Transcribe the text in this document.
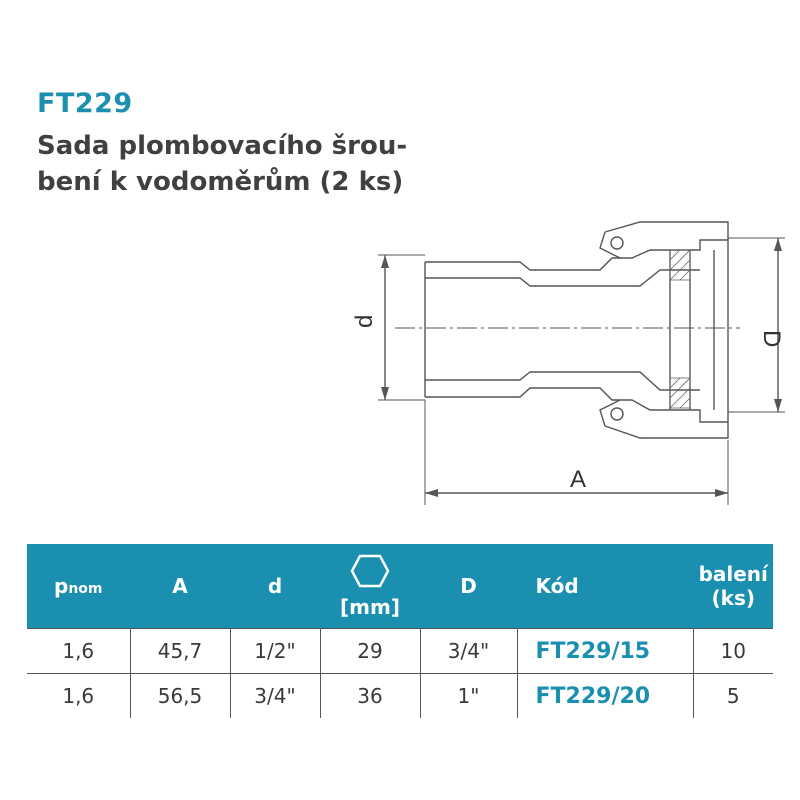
FT229
Sada plombovacího šrou-
bení k vodoměrům (2 ks)
d
D
A
pnom	A	d	[mm]	D	Kód	balení
(ks)

1,6	45,7	1/2"	29	3/4"	FT229/15	10
1,6	56,5	3/4"	36	1"	FT229/20	5
